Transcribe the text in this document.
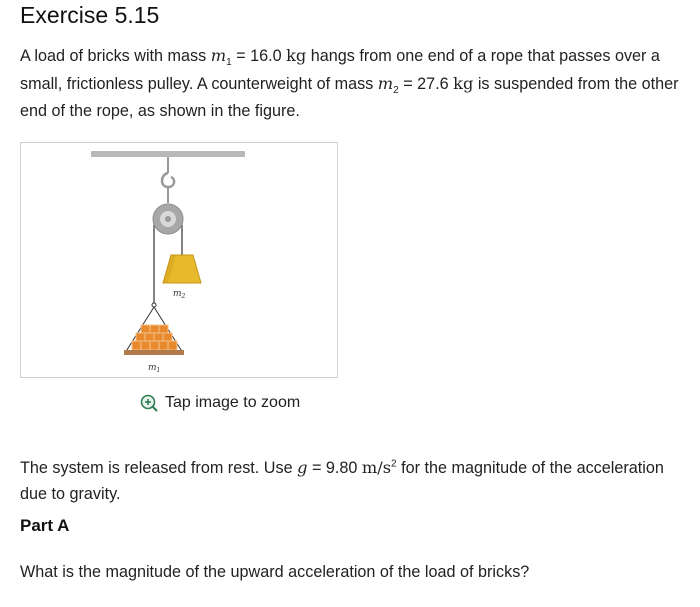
Exercise 5.15
A load of bricks with mass $m_1 = 16.0$ kg hangs from one end of a rope that passes over a small, frictionless pulley. A counterweight of mass $m_2 = 27.6$ kg is suspended from the other end of the rope, as shown in the figure.
$m_2$
$m_1$
Tap image to zoom
The system is released from rest. Use g = 9.80 $m/s^2$ for the magnitude of the acceleration due to gravity.
Part A
What is the magnitude of the upward acceleration of the load of bricks?
